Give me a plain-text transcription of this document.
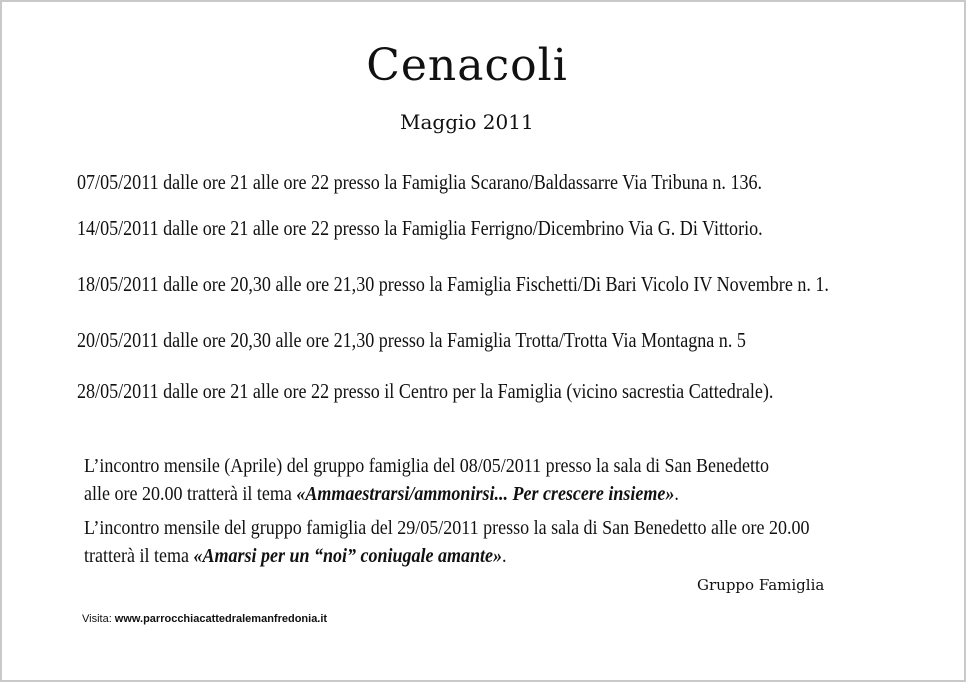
Cenacoli
Maggio 2011
07/05/2011 dalle ore 21 alle ore 22 presso la Famiglia Scarano/Baldassarre Via Tribuna n. 136.
14/05/2011 dalle ore 21 alle ore 22 presso la Famiglia Ferrigno/Dicembrino Via G. Di Vittorio.
18/05/2011 dalle ore 20,30 alle ore 21,30 presso la Famiglia Fischetti/Di Bari Vicolo IV Novembre n. 1.
20/05/2011 dalle ore 20,30 alle ore 21,30 presso la Famiglia Trotta/Trotta Via Montagna n. 5
28/05/2011 dalle ore 21 alle ore 22 presso il Centro per la Famiglia (vicino sacrestia Cattedrale).
L’incontro mensile (Aprile) del gruppo famiglia del 08/05/2011 presso la sala di San Benedetto
alle ore 20.00 tratterà il tema «Ammaestrarsi/ammonirsi... Per crescere insieme».
L’incontro mensile del gruppo famiglia del 29/05/2011 presso la sala di San Benedetto alle ore 20.00
tratterà il tema «Amarsi per un “noi” coniugale amante».
Gruppo Famiglia
Visita: www.parrocchiacattedralemanfredonia.it
